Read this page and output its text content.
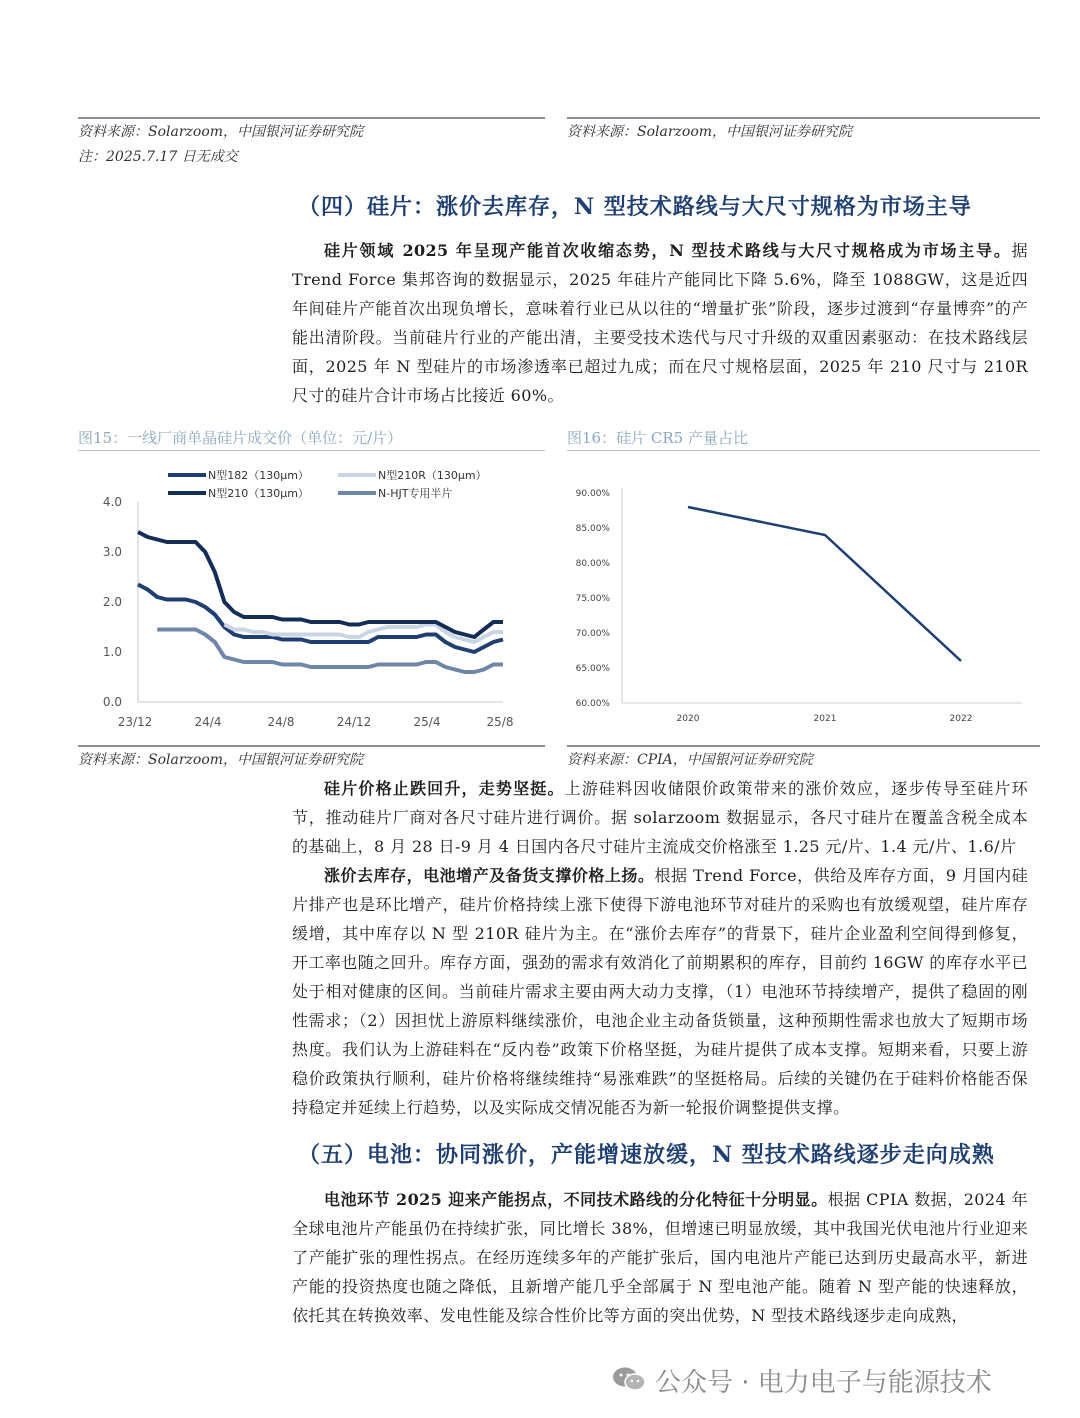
资料来源：Solarzoom，中国银河证券研究院
注：2025.7.17 日无成交
资料来源：Solarzoom，中国银河证券研究院
（四）硅片：涨价去库存，N 型技术路线与大尺寸规格为市场主导
硅片领域 2025 年呈现产能首次收缩态势，N 型技术路线与大尺寸规格成为市场主导。据 Trend Force 集邦咨询的数据显示，2025 年硅片产能同比下降 5.6%，降至 1088GW，这是近四年间硅片产能首次出现负增长，意味着行业已从以往的“增量扩张”阶段，逐步过渡到“存量博弈”的产能出清阶段。当前硅片行业的产能出清，主要受技术迭代与尺寸升级的双重因素驱动：在技术路线层面，2025 年 N 型硅片的市场渗透率已超过九成；而在尺寸规格层面，2025 年 210 尺寸与 210R 尺寸的硅片合计市场占比接近 60%。
图15：一线厂商单晶硅片成交价（单位：元/片）	图16：硅片 CR5 产量占比
0.0
1.0
2.0
3.0
4.0
23/12	24/4	24/8	24/12	25/4	25/8
N型182（130μm）	N型210R（130μm）
N型210（130μm）	N-HJT专用半片
60.00%
65.00%
70.00%
75.00%
80.00%
85.00%
90.00%
2020	2021	2022
资料来源：Solarzoom，中国银河证券研究院	资料来源：CPIA，中国银河证券研究院
硅片价格止跌回升，走势坚挺。上游硅料因收储限价政策带来的涨价效应，逐步传导至硅片环节，推动硅片厂商对各尺寸硅片进行调价。据 solarzoom 数据显示，各尺寸硅片在覆盖含税全成本的基础上，8 月 28 日-9 月 4 日国内各尺寸硅片主流成交价格涨至 1.25 元/片、1.4 元/片、1.6/片
涨价去库存，电池增产及备货支撑价格上扬。根据 Trend Force，供给及库存方面，9 月国内硅片排产也是环比增产，硅片价格持续上涨下使得下游电池环节对硅片的采购也有放缓观望，硅片库存缓增，其中库存以 N 型 210R 硅片为主。在“涨价去库存”的背景下，硅片企业盈利空间得到修复，开工率也随之回升。库存方面，强劲的需求有效消化了前期累积的库存，目前约 16GW 的库存水平已处于相对健康的区间。当前硅片需求主要由两大动力支撑，（1）电池环节持续增产，提供了稳固的刚性需求；（2）因担忧上游原料继续涨价，电池企业主动备货锁量，这种预期性需求也放大了短期市场热度。我们认为上游硅料在“反内卷”政策下价格坚挺，为硅片提供了成本支撑。短期来看，只要上游稳价政策执行顺利，硅片价格将继续维持“易涨难跌”的坚挺格局。后续的关键仍在于硅料价格能否保持稳定并延续上行趋势，以及实际成交情况能否为新一轮报价调整提供支撑。
（五）电池：协同涨价，产能增速放缓，N 型技术路线逐步走向成熟
电池环节 2025 迎来产能拐点，不同技术路线的分化特征十分明显。根据 CPIA 数据，2024 年全球电池片产能虽仍在持续扩张，同比增长 38%，但增速已明显放缓，其中我国光伏电池片行业迎来了产能扩张的理性拐点。在经历连续多年的产能扩张后，国内电池片产能已达到历史最高水平，新进产能的投资热度也随之降低，且新增产能几乎全部属于 N 型电池产能。随着 N 型产能的快速释放，依托其在转换效率、发电性能及综合性价比等方面的突出优势，N 型技术路线逐步走向成熟，
公众号 · 电力电子与能源技术
